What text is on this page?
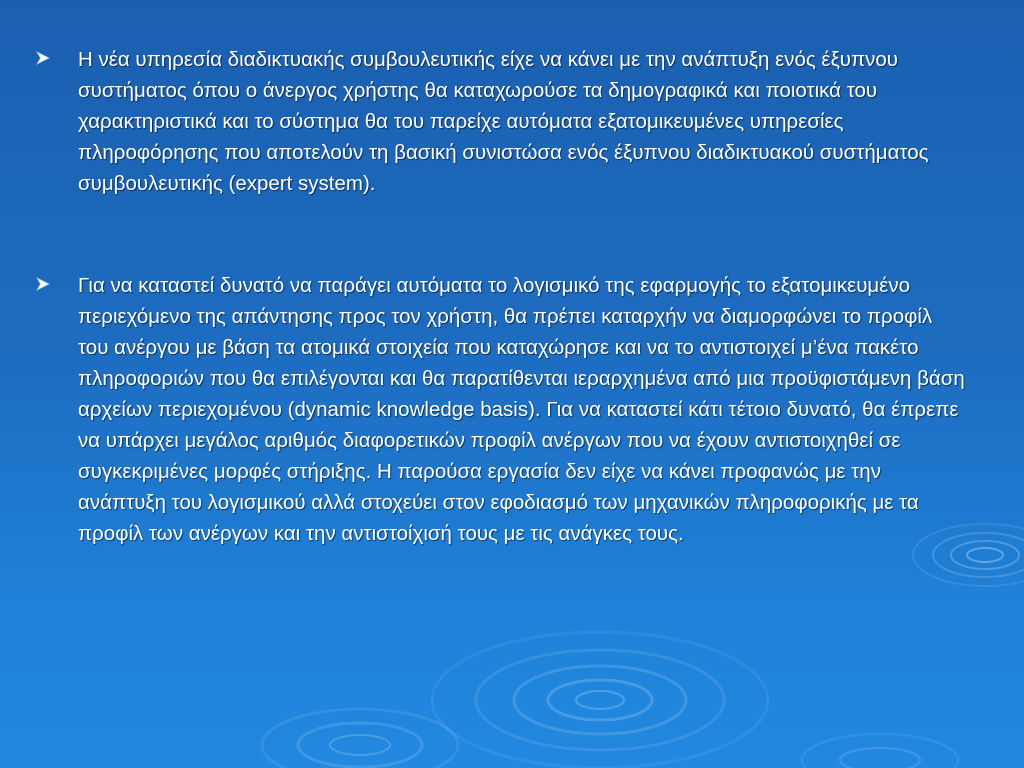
Η νέα υπηρεσία διαδικτυακής συμβουλευτικής είχε να κάνει με την ανάπτυξη ενός έξυπνου συστήματος όπου ο άνεργος χρήστης θα καταχωρούσε τα δημογραφικά και ποιοτικά του χαρακτηριστικά και το σύστημα θα του παρείχε αυτόματα εξατομικευμένες υπηρεσίες πληροφόρησης που αποτελούν τη βασική συνιστώσα ενός έξυπνου διαδικτυακού συστήματος συμβουλευτικής (expert system).

Για να καταστεί δυνατό να παράγει αυτόματα το λογισμικό της εφαρμογής το εξατομικευμένο περιεχόμενο της απάντησης προς τον χρήστη, θα πρέπει καταρχήν να διαμορφώνει το προφίλ του ανέργου με βάση τα ατομικά στοιχεία που καταχώρησε και να το αντιστοιχεί μ’ένα πακέτο πληροφοριών που θα επιλέγονται και θα παρατίθενται ιεραρχημένα από μια προϋφιστάμενη βάση αρχείων περιεχομένου (dynamic knowledge basis). Για να καταστεί κάτι τέτοιο δυνατό, θα έπρεπε να υπάρχει μεγάλος αριθμός διαφορετικών προφίλ ανέργων που να έχουν αντιστοιχηθεί σε συγκεκριμένες μορφές στήριξης. Η παρούσα εργασία δεν είχε να κάνει προφανώς με την ανάπτυξη του λογισμικού αλλά στοχεύει στον εφοδιασμό των μηχανικών πληροφορικής με τα προφίλ των ανέργων και την αντιστοίχισή τους με τις ανάγκες τους.
